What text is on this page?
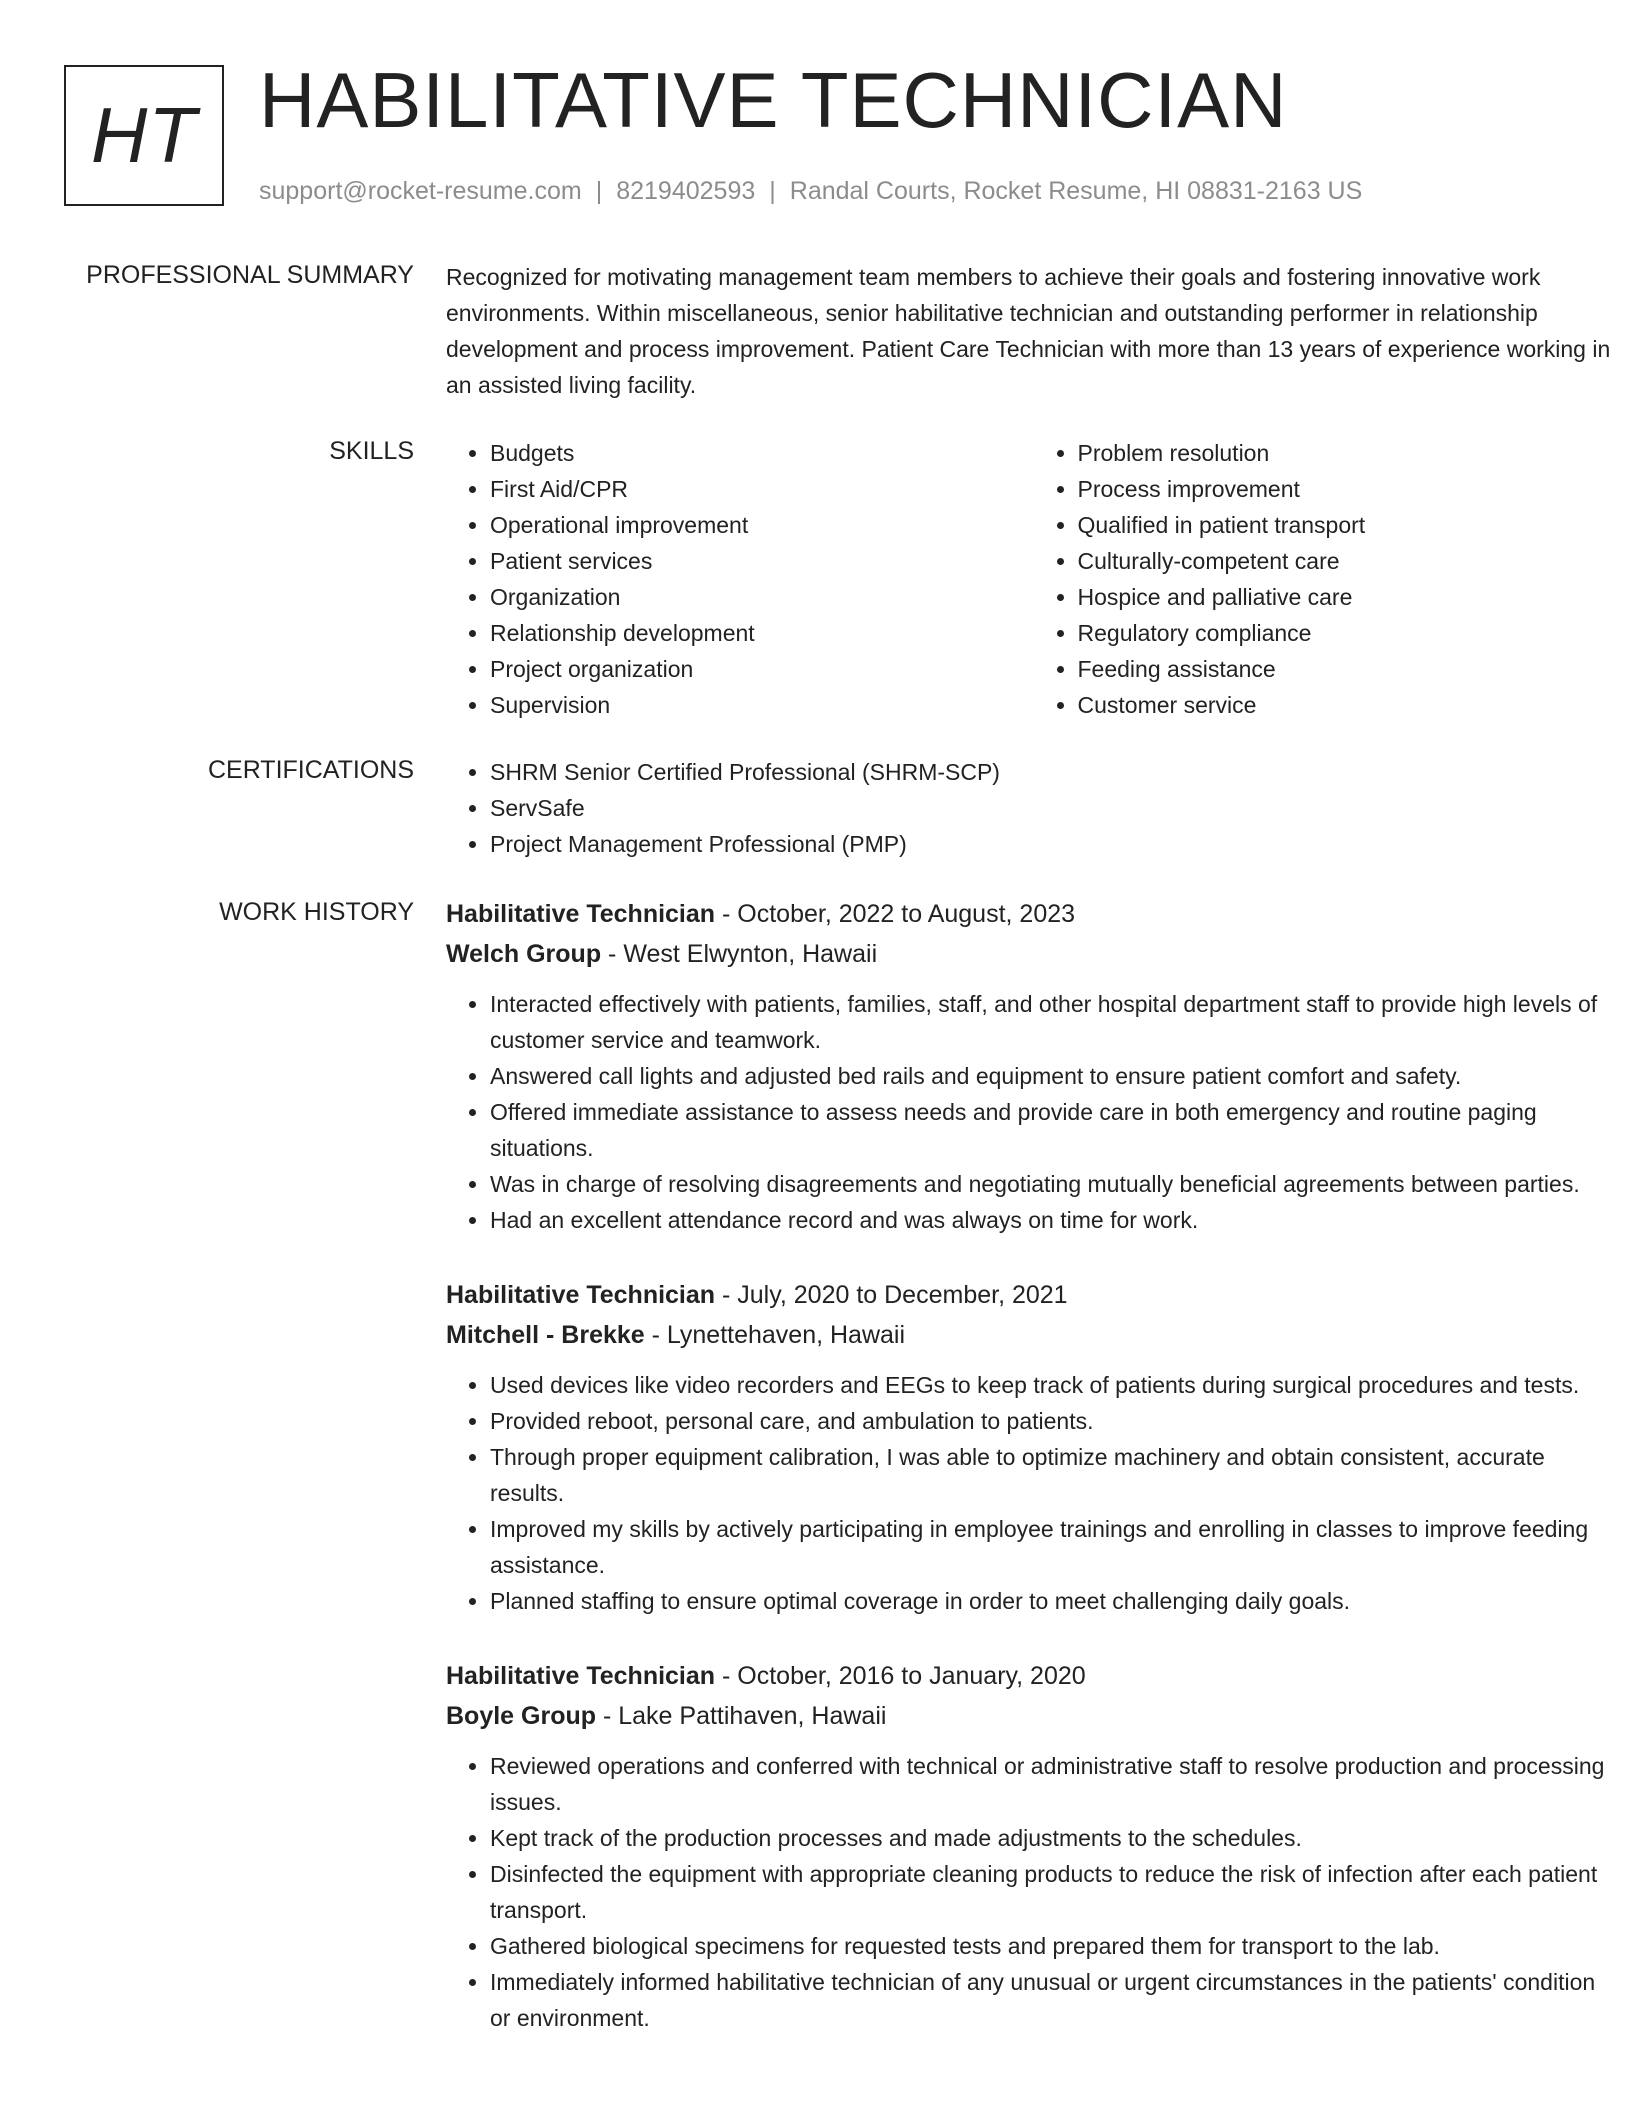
HT HABILITATIVE TECHNICIAN
support@rocket-resume.com | 8219402593 | Randal Courts, Rocket Resume, HI 08831-2163 US
PROFESSIONAL SUMMARY Recognized for motivating management team members to achieve their goals and fostering innovative work environments. Within miscellaneous, senior habilitative technician and outstanding performer in relationship development and process improvement. Patient Care Technician with more than 13 years of experience working in an assisted living facility.

SKILLS	• Budgets
• First Aid/CPR
• Operational improvement
• Patient services
• Organization
• Relationship development
• Project organization
• Supervision
• Problem resolution
• Process improvement
• Qualified in patient transport
• Culturally-competent care
• Hospice and palliative care
• Regulatory compliance
• Feeding assistance
• Customer service
CERTIFICATIONS	• SHRM Senior Certified Professional (SHRM-SCP)
• ServSafe
• Project Management Professional (PMP)
WORK HISTORY Habilitative Technician - October, 2022 to August, 2023
Welch Group - West Elwynton, Hawaii
• Interacted effectively with patients, families, staff, and other hospital department staff to provide high levels of customer service and teamwork.
• Answered call lights and adjusted bed rails and equipment to ensure patient comfort and safety.
• Offered immediate assistance to assess needs and provide care in both emergency and routine paging situations.
• Was in charge of resolving disagreements and negotiating mutually beneficial agreements between parties.
• Had an excellent attendance record and was always on time for work.
Habilitative Technician - July, 2020 to December, 2021
Mitchell - Brekke - Lynettehaven, Hawaii
• Used devices like video recorders and EEGs to keep track of patients during surgical procedures and tests.
• Provided reboot, personal care, and ambulation to patients.
• Through proper equipment calibration, I was able to optimize machinery and obtain consistent, accurate results.
• Improved my skills by actively participating in employee trainings and enrolling in classes to improve feeding assistance.
• Planned staffing to ensure optimal coverage in order to meet challenging daily goals.
Habilitative Technician - October, 2016 to January, 2020
Boyle Group - Lake Pattihaven, Hawaii
• Reviewed operations and conferred with technical or administrative staff to resolve production and processing issues.
• Kept track of the production processes and made adjustments to the schedules.
• Disinfected the equipment with appropriate cleaning products to reduce the risk of infection after each patient transport.
• Gathered biological specimens for requested tests and prepared them for transport to the lab.
• Immediately informed habilitative technician of any unusual or urgent circumstances in the patients' condition or environment.
